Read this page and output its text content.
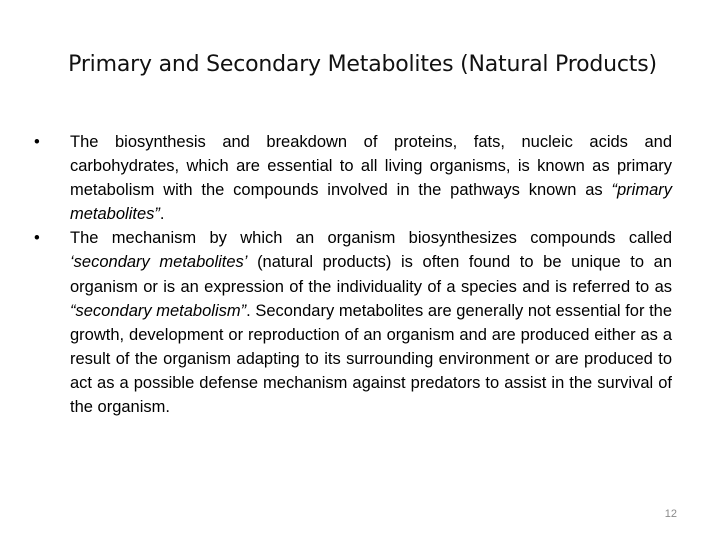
Primary and Secondary Metabolites (Natural Products)
•	The biosynthesis and breakdown of proteins, fats, nucleic acids and carbohydrates, which are essential to all living organisms, is known as primary metabolism with the compounds involved in the pathways known as “primary metabolites”.
•	The mechanism by which an organism biosynthesizes compounds called ‘secondary metabolites’ (natural products) is often found to be unique to an organism or is an expression of the individuality of a species and is referred to as “secondary metabolism”. Secondary metabolites are generally not essential for the growth, development or reproduction of an organism and are produced either as a result of the organism adapting to its surrounding environment or are produced to act as a possible defense mechanism against predators to assist in the survival of the organism.
12
